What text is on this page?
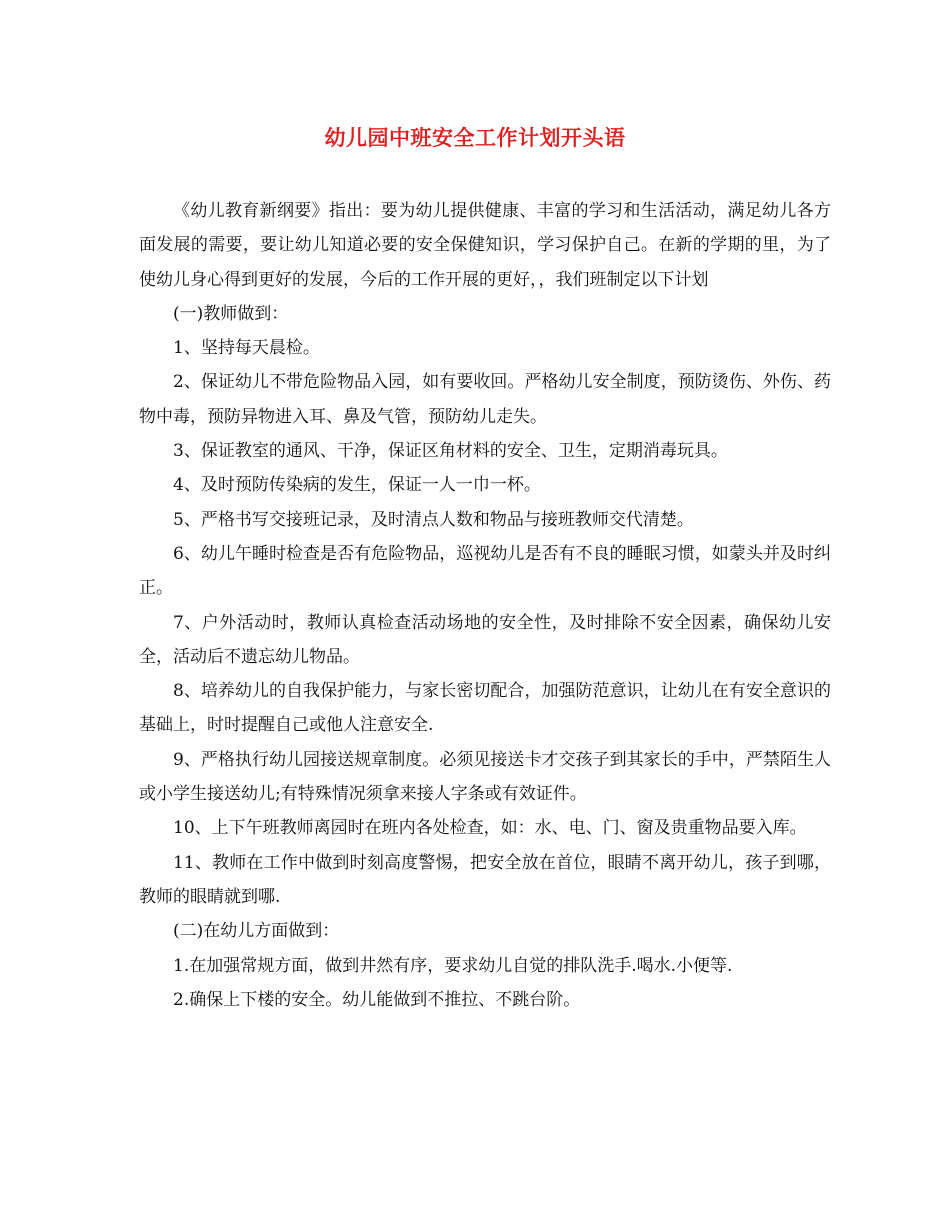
幼儿园中班安全工作计划开头语

《幼儿教育新纲要》指出：要为幼儿提供健康、丰富的学习和生活活动，满足幼儿各方面发展的需要，要让幼儿知道必要的安全保健知识，学习保护自己。在新的学期的里，为了使幼儿身心得到更好的发展，今后的工作开展的更好，，我们班制定以下计划

(一)教师做到：

1、坚持每天晨检。

2、保证幼儿不带危险物品入园，如有要收回。严格幼儿安全制度，预防烫伤、外伤、药物中毒，预防异物进入耳、鼻及气管，预防幼儿走失。

3、保证教室的通风、干净，保证区角材料的安全、卫生，定期消毒玩具。

4、及时预防传染病的发生，保证一人一巾一杯。

5、严格书写交接班记录，及时清点人数和物品与接班教师交代清楚。

6、幼儿午睡时检查是否有危险物品，巡视幼儿是否有不良的睡眠习惯，如蒙头并及时纠正。

7、户外活动时，教师认真检查活动场地的安全性，及时排除不安全因素，确保幼儿安全，活动后不遗忘幼儿物品。

8、培养幼儿的自我保护能力，与家长密切配合，加强防范意识，让幼儿在有安全意识的基础上，时时提醒自己或他人注意安全.

9、严格执行幼儿园接送规章制度。必须见接送卡才交孩子到其家长的手中，严禁陌生人或小学生接送幼儿;有特殊情况须拿来接人字条或有效证件。

10、上下午班教师离园时在班内各处检查，如：水、电、门、窗及贵重物品要入库。

11、教师在工作中做到时刻高度警惕，把安全放在首位，眼睛不离开幼儿，孩子到哪，教师的眼睛就到哪.

(二)在幼儿方面做到：

1.在加强常规方面，做到井然有序，要求幼儿自觉的排队洗手.喝水.小便等.

2.确保上下楼的安全。幼儿能做到不推拉、不跳台阶。
